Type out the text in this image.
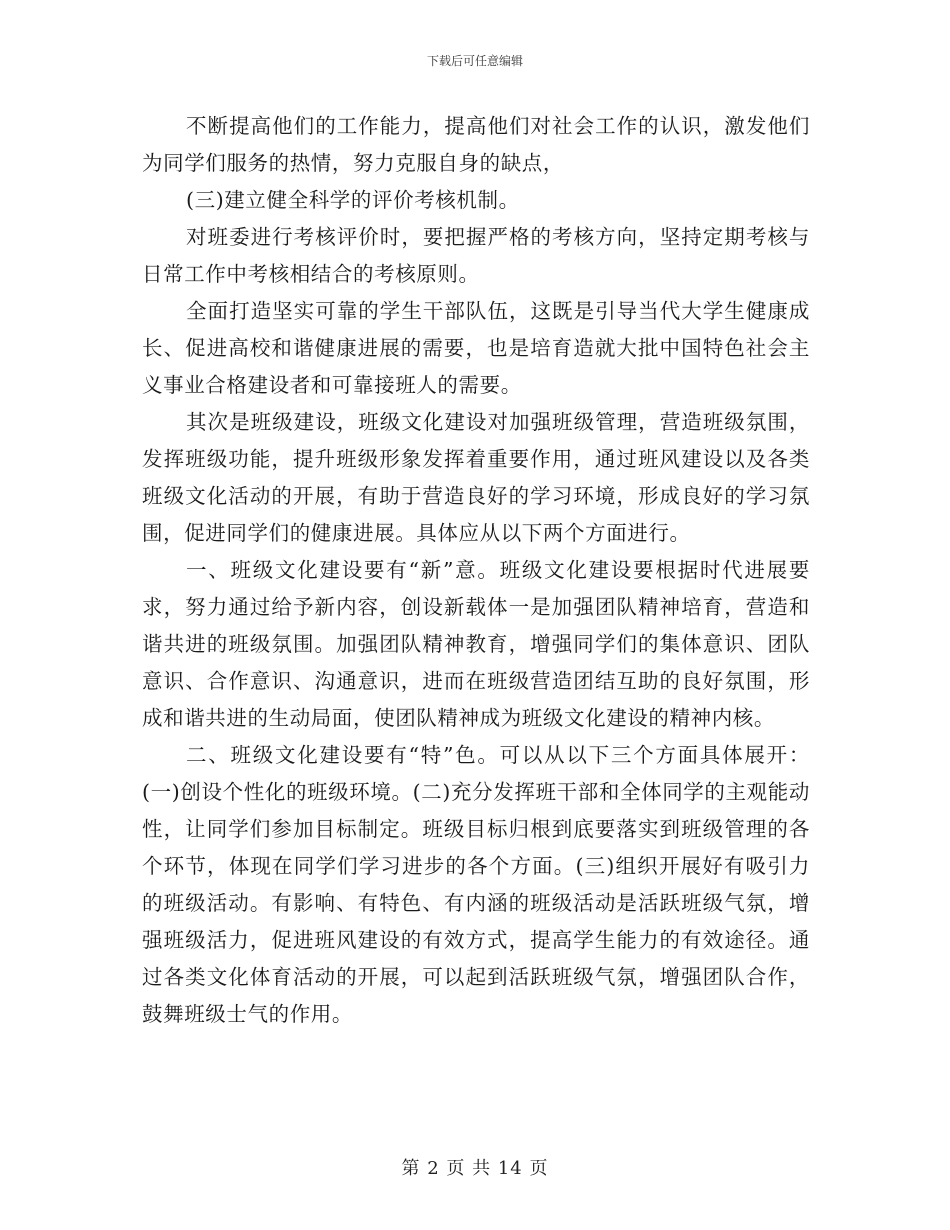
下载后可任意编辑

不断提高他们的工作能力，提高他们对社会工作的认识，激发他们为同学们服务的热情，努力克服自身的缺点，

(三)建立健全科学的评价考核机制。

对班委进行考核评价时，要把握严格的考核方向，坚持定期考核与日常工作中考核相结合的考核原则。

全面打造坚实可靠的学生干部队伍，这既是引导当代大学生健康成长、促进高校和谐健康进展的需要，也是培育造就大批中国特色社会主义事业合格建设者和可靠接班人的需要。

其次是班级建设，班级文化建设对加强班级管理，营造班级氛围，发挥班级功能，提升班级形象发挥着重要作用，通过班风建设以及各类班级文化活动的开展，有助于营造良好的学习环境，形成良好的学习氛围，促进同学们的健康进展。具体应从以下两个方面进行。

一、班级文化建设要有“新”意。班级文化建设要根据时代进展要求，努力通过给予新内容，创设新载体一是加强团队精神培育，营造和谐共进的班级氛围。加强团队精神教育，增强同学们的集体意识、团队意识、合作意识、沟通意识，进而在班级营造团结互助的良好氛围，形成和谐共进的生动局面，使团队精神成为班级文化建设的精神内核。

二、班级文化建设要有“特”色。可以从以下三个方面具体展开：(一)创设个性化的班级环境。(二)充分发挥班干部和全体同学的主观能动性，让同学们参加目标制定。班级目标归根到底要落实到班级管理的各个环节，体现在同学们学习进步的各个方面。(三)组织开展好有吸引力的班级活动。有影响、有特色、有内涵的班级活动是活跃班级气氛，增强班级活力，促进班风建设的有效方式，提高学生能力的有效途径。通过各类文化体育活动的开展，可以起到活跃班级气氛，增强团队合作，鼓舞班级士气的作用。

第 2 页 共 14 页
